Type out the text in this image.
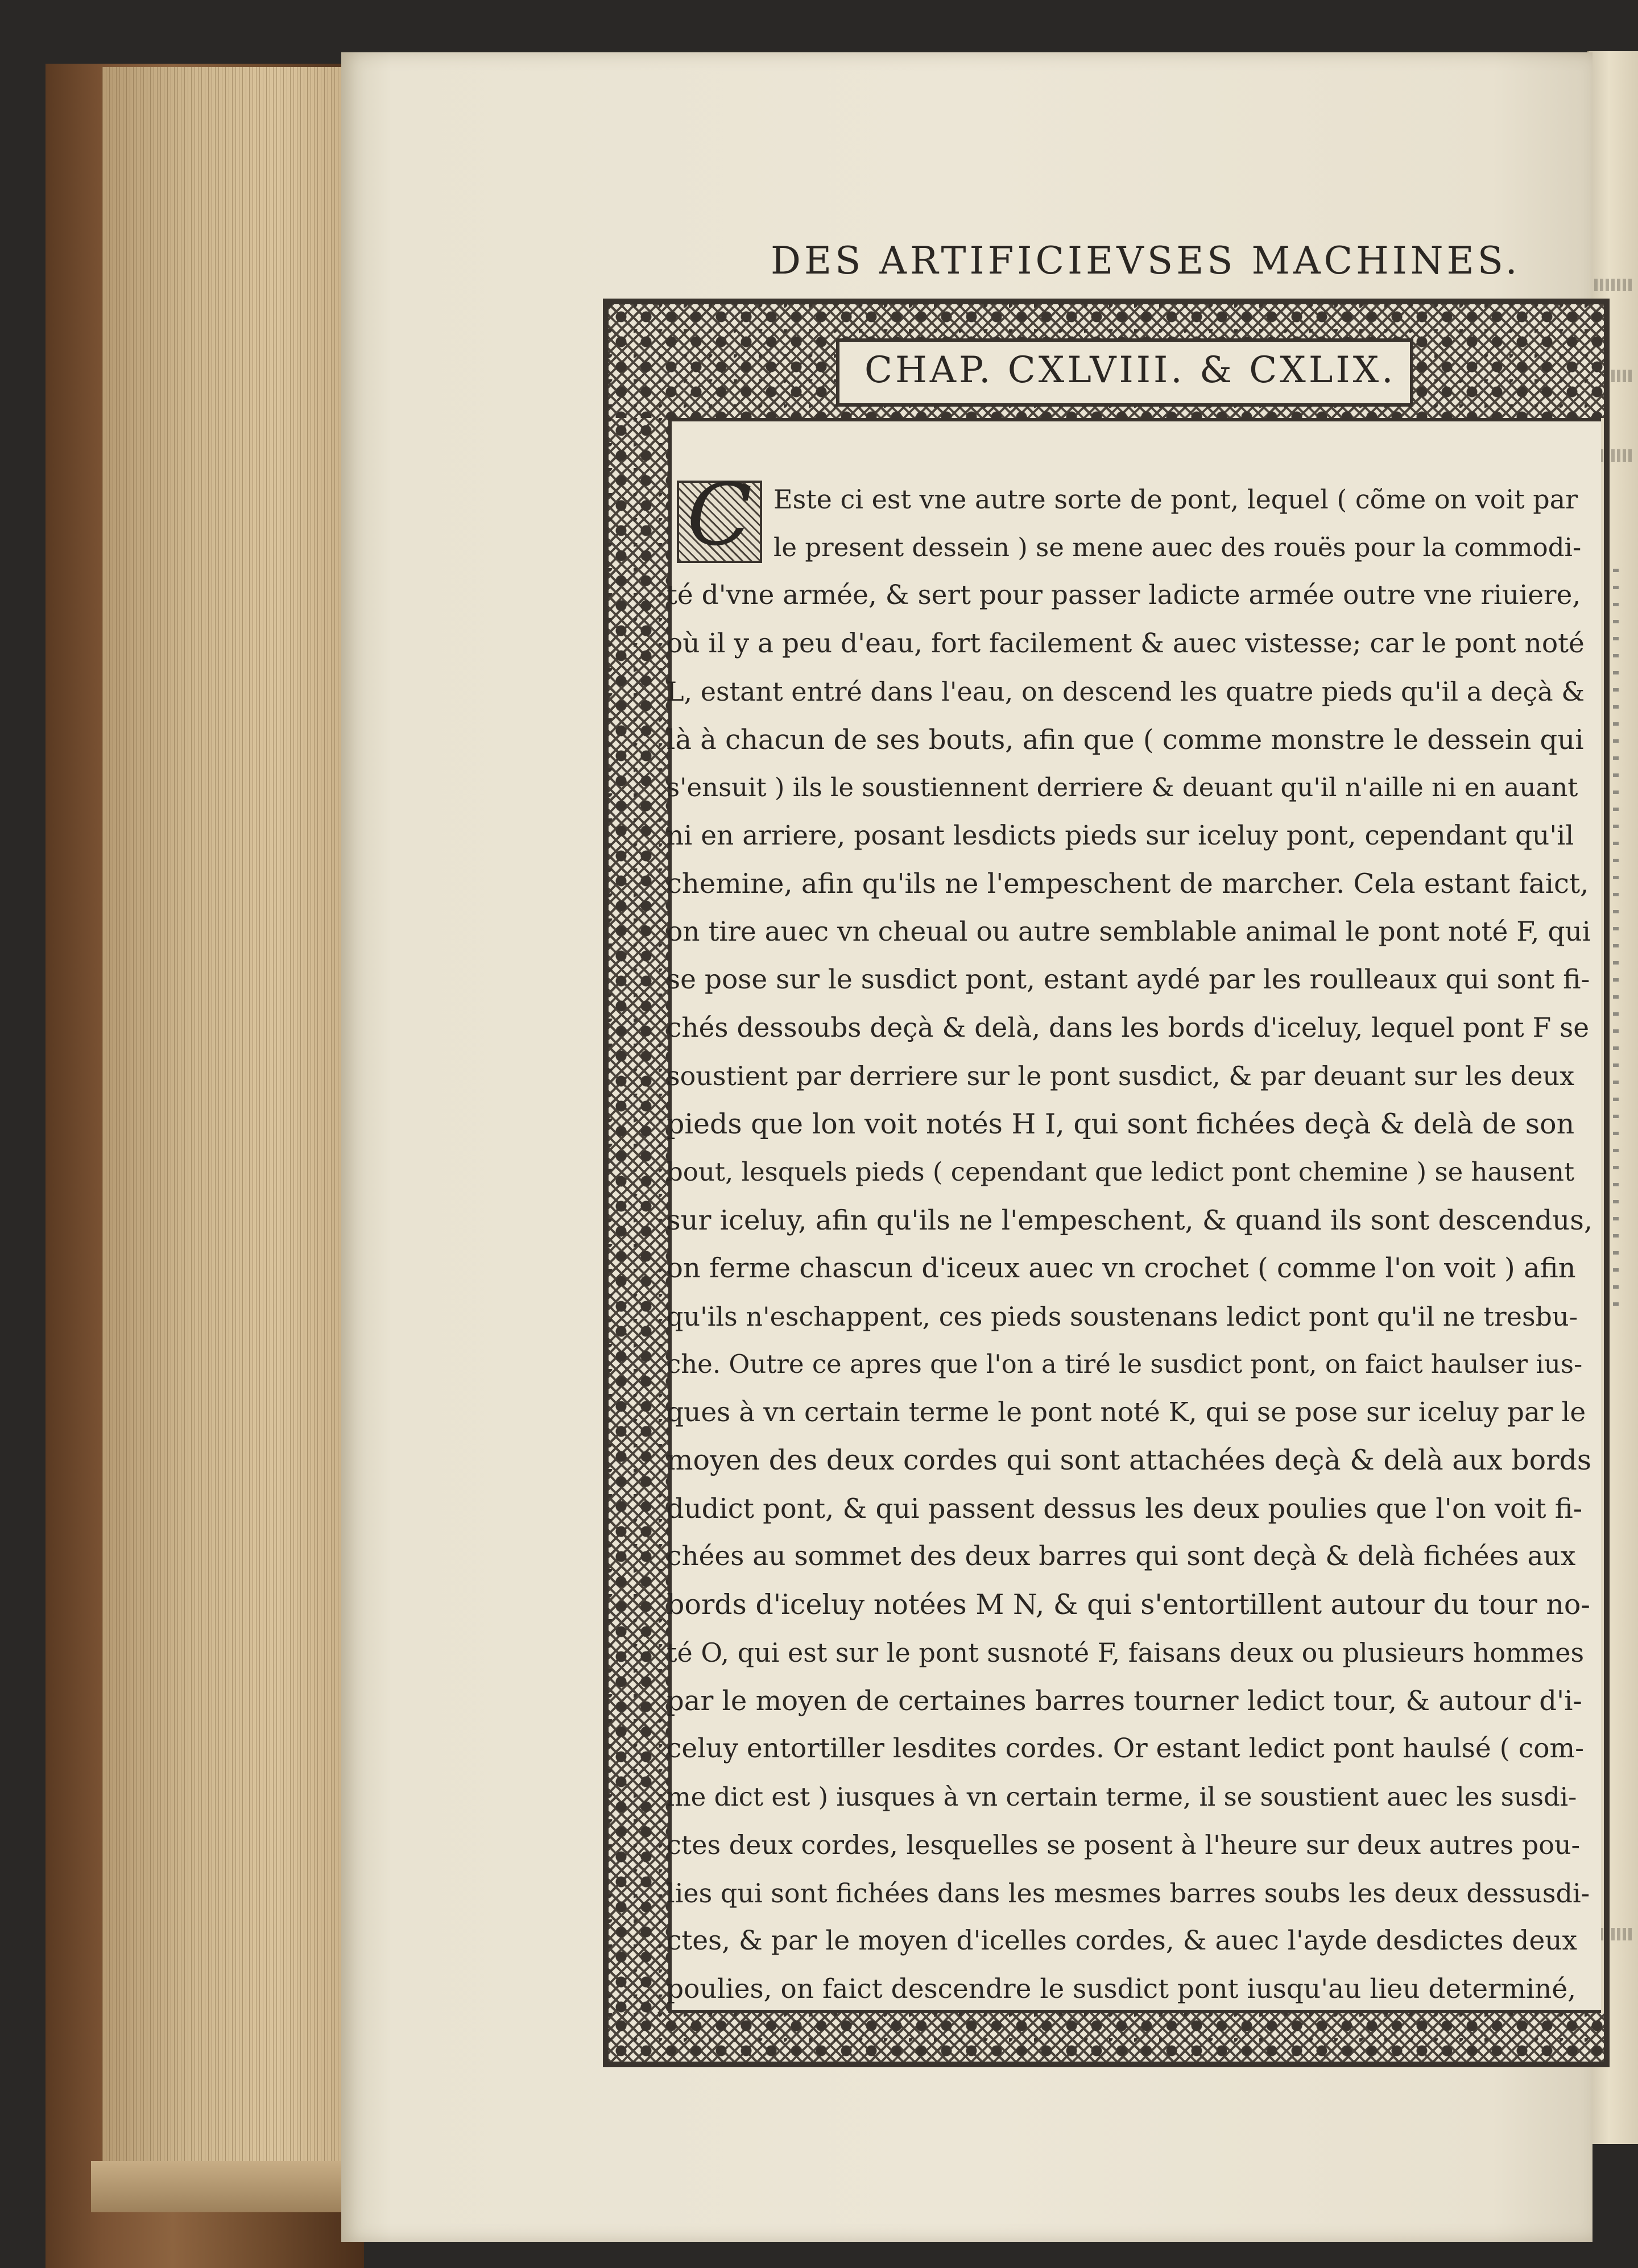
DES ARTIFICIEVSES MACHINES.
CHAP. CXLVIII. & CXLIX.
C Este ci est vne autre sorte de pont, lequel ( cõme on voit par
le present dessein ) se mene auec des rouës pour la commodi-
té d'vne armée, & sert pour passer ladicte armée outre vne riuiere,
où il y a peu d'eau, fort facilement & auec vistesse; car le pont noté
L, estant entré dans l'eau, on descend les quatre pieds qu'il a deçà &
là à chacun de ses bouts, afin que ( comme monstre le dessein qui
s'ensuit ) ils le soustiennent derriere & deuant qu'il n'aille ni en auant
ni en arriere, posant lesdicts pieds sur iceluy pont, cependant qu'il
chemine, afin qu'ils ne l'empeschent de marcher. Cela estant faict,
on tire auec vn cheual ou autre semblable animal le pont noté F, qui
se pose sur le susdict pont, estant aydé par les roulleaux qui sont fi-
chés dessoubs deçà & delà, dans les bords d'iceluy, lequel pont F se
soustient par derriere sur le pont susdict, & par deuant sur les deux
pieds que lon voit notés H I, qui sont fichées deçà & delà de son
bout, lesquels pieds ( cependant que ledict pont chemine ) se hausent
sur iceluy, afin qu'ils ne l'empeschent, & quand ils sont descendus,
on ferme chascun d'iceux auec vn crochet ( comme l'on voit ) afin
qu'ils n'eschappent, ces pieds soustenans ledict pont qu'il ne tresbu-
che. Outre ce apres que l'on a tiré le susdict pont, on faict haulser ius-
ques à vn certain terme le pont noté K, qui se pose sur iceluy par le
moyen des deux cordes qui sont attachées deçà & delà aux bords
dudict pont, & qui passent dessus les deux poulies que l'on voit fi-
chées au sommet des deux barres qui sont deçà & delà fichées aux
bords d'iceluy notées M N, & qui s'entortillent autour du tour no-
té O, qui est sur le pont susnoté F, faisans deux ou plusieurs hommes
par le moyen de certaines barres tourner ledict tour, & autour d'i-
celuy entortiller lesdites cordes. Or estant ledict pont haulsé ( com-
me dict est ) iusques à vn certain terme, il se soustient auec les susdi-
ctes deux cordes, lesquelles se posent à l'heure sur deux autres pou-
lies qui sont fichées dans les mesmes barres soubs les deux dessusdi-
ctes, & par le moyen d'icelles cordes, & auec l'ayde desdictes deux
poulies, on faict descendre le susdict pont iusqu'au lieu determiné,
